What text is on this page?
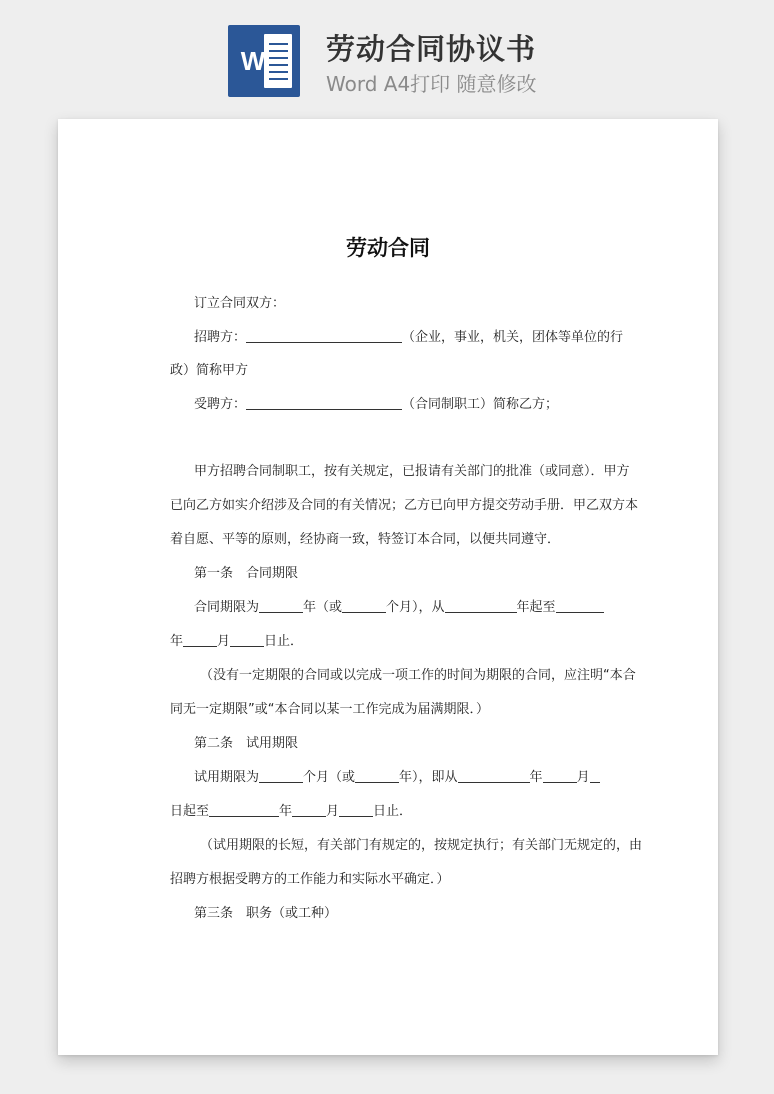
W 劳动合同协议书
Word A4打印 随意修改

劳动合同
订立合同双方：
招聘方：	（企业，事业，机关，团体等单位的行
政）简称甲方
受聘方：	（合同制职工）简称乙方；
甲方招聘合同制职工，按有关规定，已报请有关部门的批准（或同意）．甲方
已向乙方如实介绍涉及合同的有关情况；乙方已向甲方提交劳动手册．甲乙双方本
着自愿、平等的原则，经协商一致，特签订本合同，以便共同遵守．
第一条　合同期限
合同期限为	年（或	个月），从	年起至
年	月	日止．
（没有一定期限的合同或以完成一项工作的时间为期限的合同，应注明“本合
同无一定期限”或“本合同以某一工作完成为届满期限．）
第二条　试用期限
试用期限为	个月（或	年），即从	年	月
日起至	年	月	日止．
（试用期限的长短，有关部门有规定的，按规定执行；有关部门无规定的，由
招聘方根据受聘方的工作能力和实际水平确定．）
第三条　职务（或工种）
